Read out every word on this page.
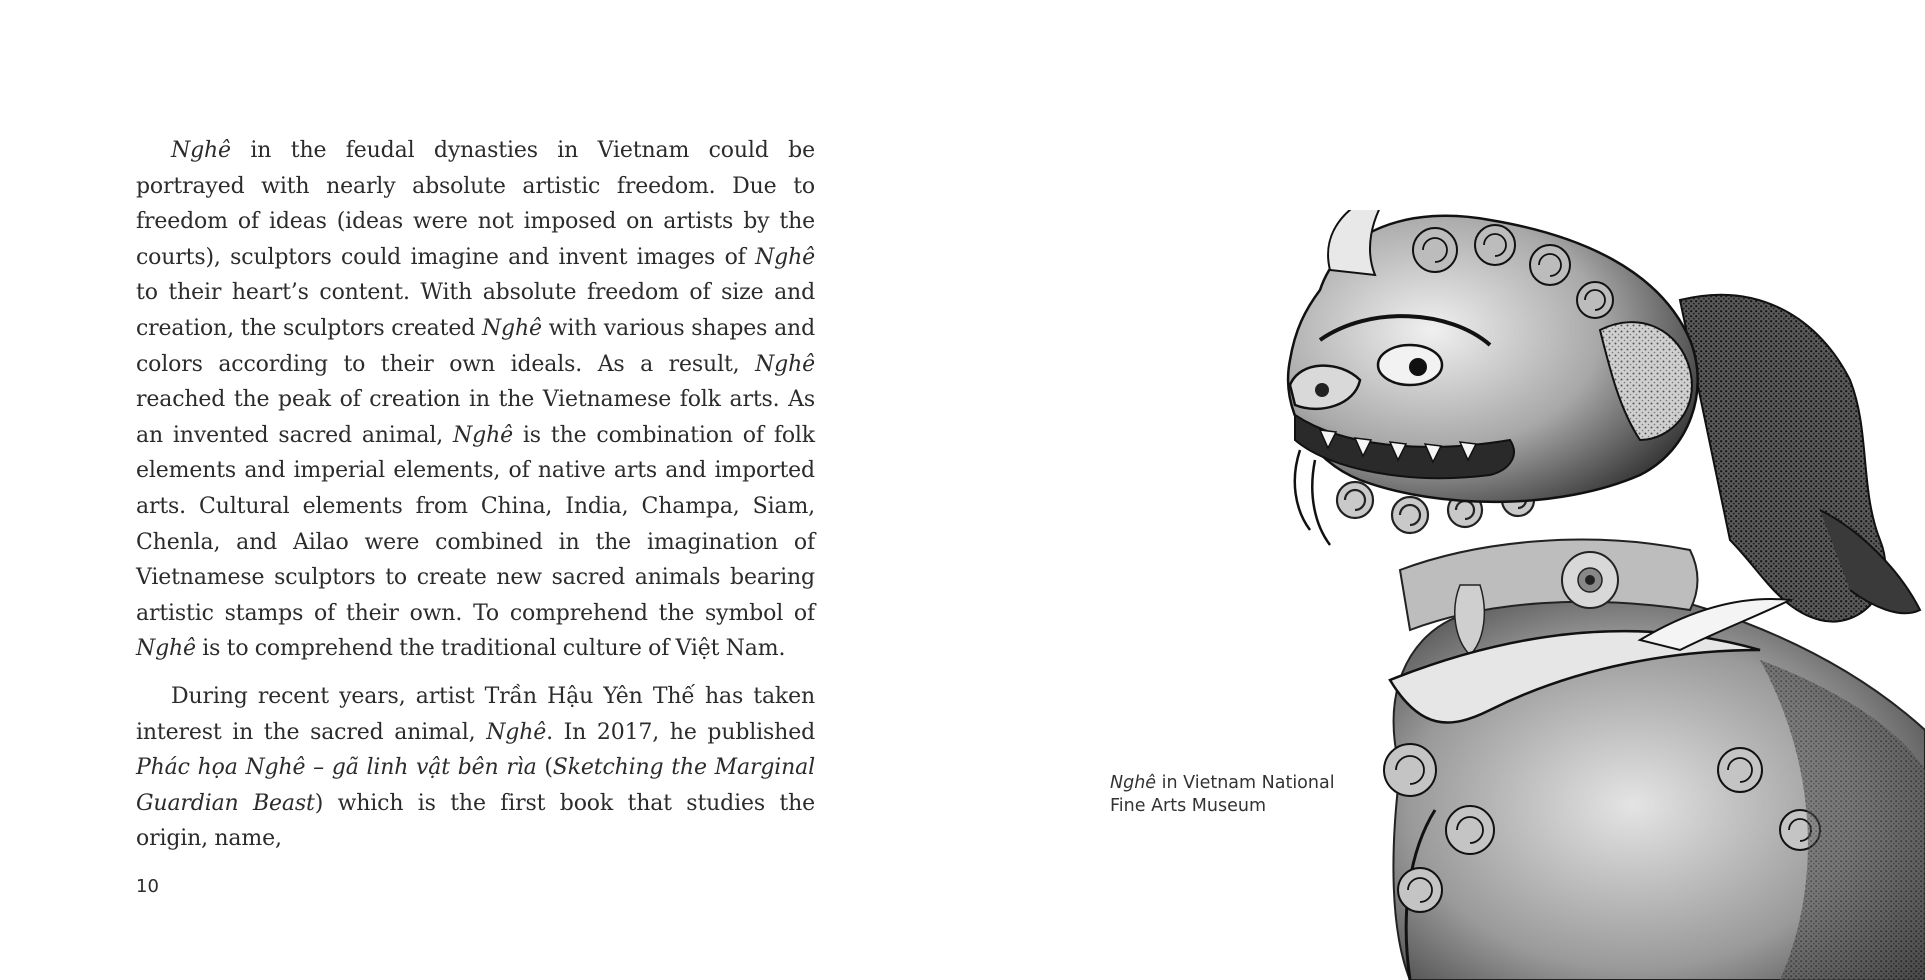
Nghê in the feudal dynasties in Vietnam could be portrayed with nearly absolute artistic freedom. Due to freedom of ideas (ideas were not imposed on artists by the courts), sculptors could imagine and invent images of Nghê to their heart’s content. With absolute freedom of size and creation, the sculptors created Nghê with various shapes and colors according to their own ideals. As a result, Nghê reached the peak of creation in the Vietnamese folk arts. As an invented sacred animal, Nghê is the combination of folk elements and imperial elements, of native arts and imported arts. Cultural elements from China, India, Champa, Siam, Chenla, and Ailao were combined in the imagination of Vietnamese sculptors to create new sacred animals bearing artistic stamps of their own. To comprehend the symbol of Nghê is to comprehend the traditional culture of Việt Nam.

During recent years, artist Trần Hậu Yên Thế has taken interest in the sacred animal, Nghê. In 2017, he published Phác họa Nghê – gã linh vật bên rìa (Sketching the Marginal Guardian Beast) which is the first book that studies the origin, name,

10
Nghê in Vietnam National Fine Arts Museum
